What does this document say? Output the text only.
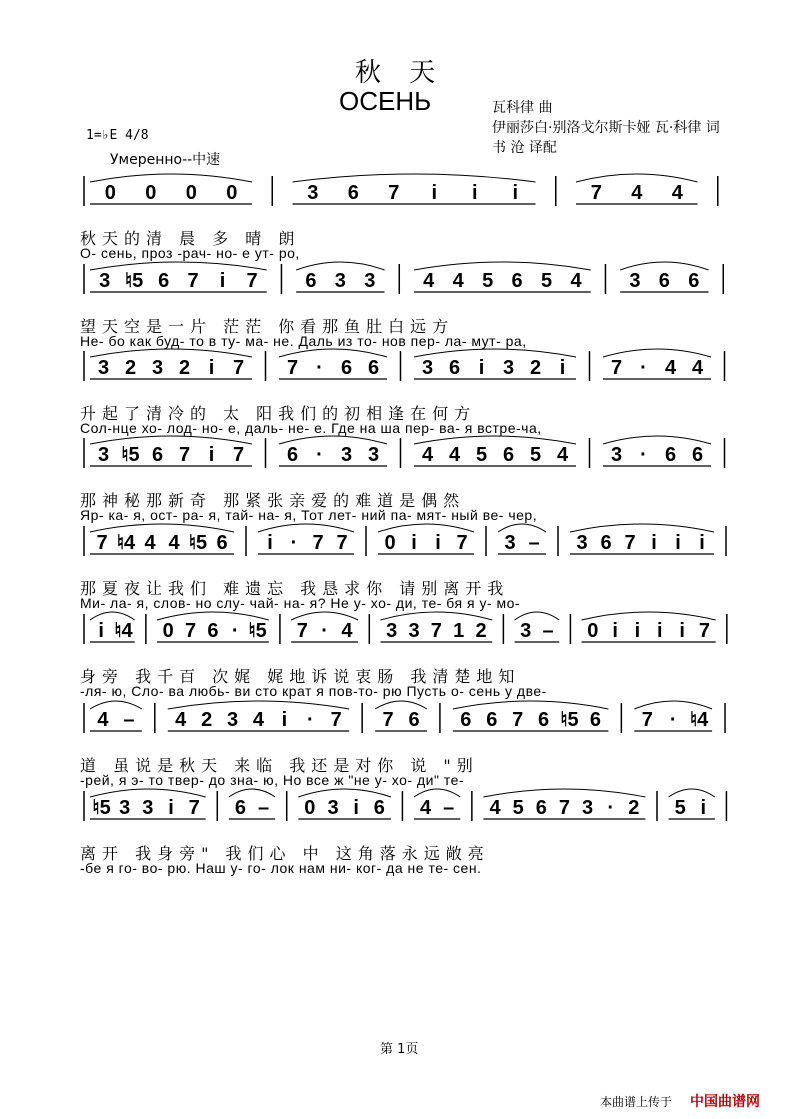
秋 天
ОСЕНЬ	瓦科律 曲
伊丽莎白·别洛戈尔斯卡娅 瓦·科律 词
书 沧 译配
1=♭E 4/8
Умеренно--中速
0 0 0 0	3 6 7 i i i	7 4 4
秋天的清 晨 多 晴 朗
О- сень, проз -рач- но- е ут- ро,
3 ♮5 6 7 i 7 6 3 3 4 4 5 6 5 4 3 6 6
望天空是一片 茫茫 你看那鱼肚白远方
Не- бо как буд- то в ту- ма- не. Даль из то- нов пер- ла- мут- ра,
3 2 3 2 i 7 7 · 6 6 3 6 i 3 2 i 7 · 4 4
升起了清冷的 太 阳我们的初相逢在何方
Сол-нце хо- лод- но- е, даль- не- е. Где на ша пер- ва- я встре-ча,
3 ♮5 6 7 i 7 6 · 3 3 4 4 5 6 5 4 3 · 6 6
那神秘那新奇 那紧张亲爱的难道是偶然
Яр- ка- я, ост- ра- я, тай- на- я, Тот лет- ний па- мят- ный ве- чер,
7 ♮4 4 4 ♮5 6 i · 7 7 0 i i 7 3 – 3 6 7 i i i
那夏夜让我们 难遗忘 我恳求你 请别离开我
Ми- ла- я, слов- но слу- чай- на- я? Не у- хо- ди, те- бя я у- мо-
i ♮4 0 7 6 · ♮5 7 · 4 3 3 7 1 2 3 – 0 i i i i 7
身旁 我千百 次娓 娓地诉说衷肠 我清楚地知
-ля- ю, Сло- ва любь- ви сто крат я пов-то- рю Пусть о- сень у две-
4 – 4 2 3 4 i · 7 7 6 6 6 7 6 ♮5 6 7 · ♮4
道 虽说是秋天 来临 我还是对你 说 "别
-рей, я э- то твер- до зна- ю, Но все ж "не у- хо- ди" те-
♮5 3 3 i 7 6 – 0 3 i 6 4 – 4 5 6 7 3 · 2 5 i
离开 我身旁" 我们心 中 这角落永远敞亮
-бе я го- во- рю. Наш у- го- лок нам ни- ког- да не те- сен.
第 1页
本曲谱上传于 中国曲谱网
